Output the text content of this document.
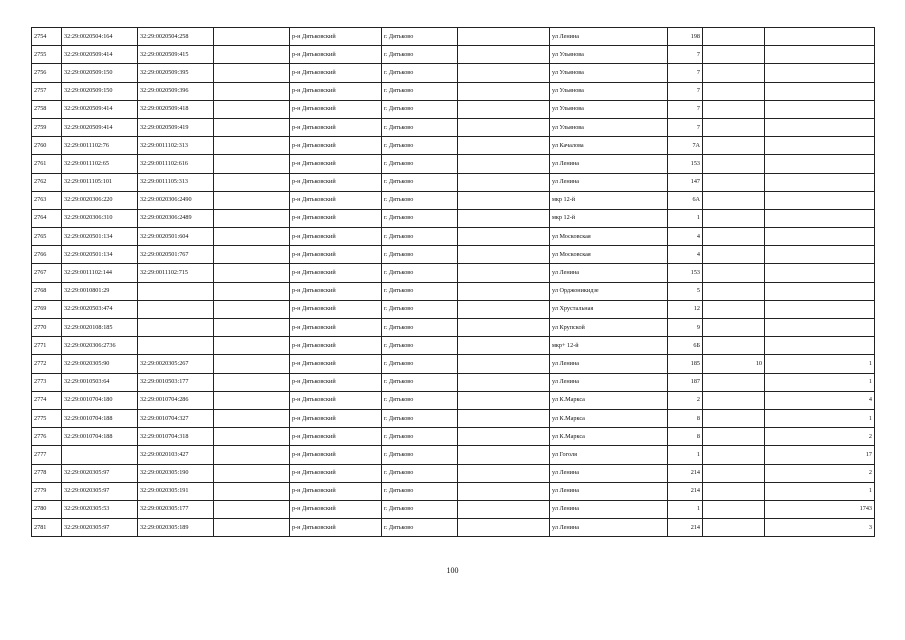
2754	32:29:0020504:164	32:29:0020504:258		р-н Дятьковский	г. Дятьково		ул Ленина	198		
2755	32:29:0020509:414	32:29:0020509:415		р-н Дятьковский	г. Дятьково		ул Ульянова	7		
2756	32:29:0020509:150	32:29:0020509:395		р-н Дятьковский	г. Дятьково		ул Ульянова	7		
2757	32:29:0020509:150	32:29:0020509:396		р-н Дятьковский	г. Дятьково		ул Ульянова	7		
2758	32:29:0020509:414	32:29:0020509:418		р-н Дятьковский	г. Дятьково		ул Ульянова	7		
2759	32:29:0020509:414	32:29:0020509:419		р-н Дятьковский	г. Дятьково		ул Ульянова	7		
2760	32:29:0011102:76	32:29:0011102:313		р-н Дятьковский	г. Дятьково		ул Качалова	7А		
2761	32:29:0011102:65	32:29:0011102:616		р-н Дятьковский	г. Дятьково		ул Ленина	153		
2762	32:29:0011105:101	32:29:0011105:313		р-н Дятьковский	г. Дятьково		ул Ленина	147		
2763	32:29:0020306:220	32:29:0020306:2490		р-н Дятьковский	г. Дятьково		мкр 12-й	6А		
2764	32:29:0020306:310	32:29:0020306:2489		р-н Дятьковский	г. Дятьково		мкр 12-й	1		
2765	32:29:0020501:134	32:29:0020501:604		р-н Дятьковский	г. Дятьково		ул Московская	4		
2766	32:29:0020501:134	32:29:0020501:767		р-н Дятьковский	г. Дятьково		ул Московская	4		
2767	32:29:0011102:144	32:29:0011102:715		р-н Дятьковский	г. Дятьково		ул Ленина	153		
2768	32:29:0010801:29			р-н Дятьковский	г. Дятьково		ул Орджоникидзе	5		
2769	32:29:0020503:474			р-н Дятьковский	г. Дятьково		ул Хрустальная	12		
2770	32:29:0020108:185			р-н Дятьковский	г. Дятьково		ул Крупской	9		
2771	32:29:0020306:2736			р-н Дятьковский	г. Дятьково		мкр+ 12-й	6Б		
2772	32:29:0020305:90	32:29:0020305:267		р-н Дятьковский	г. Дятьково		ул Ленина	185	10	1
2773	32:29:0010503:64	32:29:0010503:177		р-н Дятьковский	г. Дятьково		ул Ленина	187		1
2774	32:29:0010704:180	32:29:0010704:286		р-н Дятьковский	г. Дятьково		ул К.Маркса	2		4
2775	32:29:0010704:188	32:29:0010704:327		р-н Дятьковский	г. Дятьково		ул К.Маркса	8		1
2776	32:29:0010704:188	32:29:0010704:318		р-н Дятьковский	г. Дятьково		ул К.Маркса	8		2
2777		32:29:0020103:427		р-н Дятьковский	г. Дятьково		ул Гоголя	1		17
2778	32:29:0020305:97	32:29:0020305:190		р-н Дятьковский	г. Дятьково		ул Ленина	214		2
2779	32:29:0020305:97	32:29:0020305:191		р-н Дятьковский	г. Дятьково		ул Ленина	214		1
2780	32:29:0020305:53	32:29:0020305:177		р-н Дятьковский	г. Дятьково		ул Ленина	1		1743
2781	32:29:0020305:97	32:29:0020305:189		р-н Дятьковский	г. Дятьково		ул Ленина	214		3
100
